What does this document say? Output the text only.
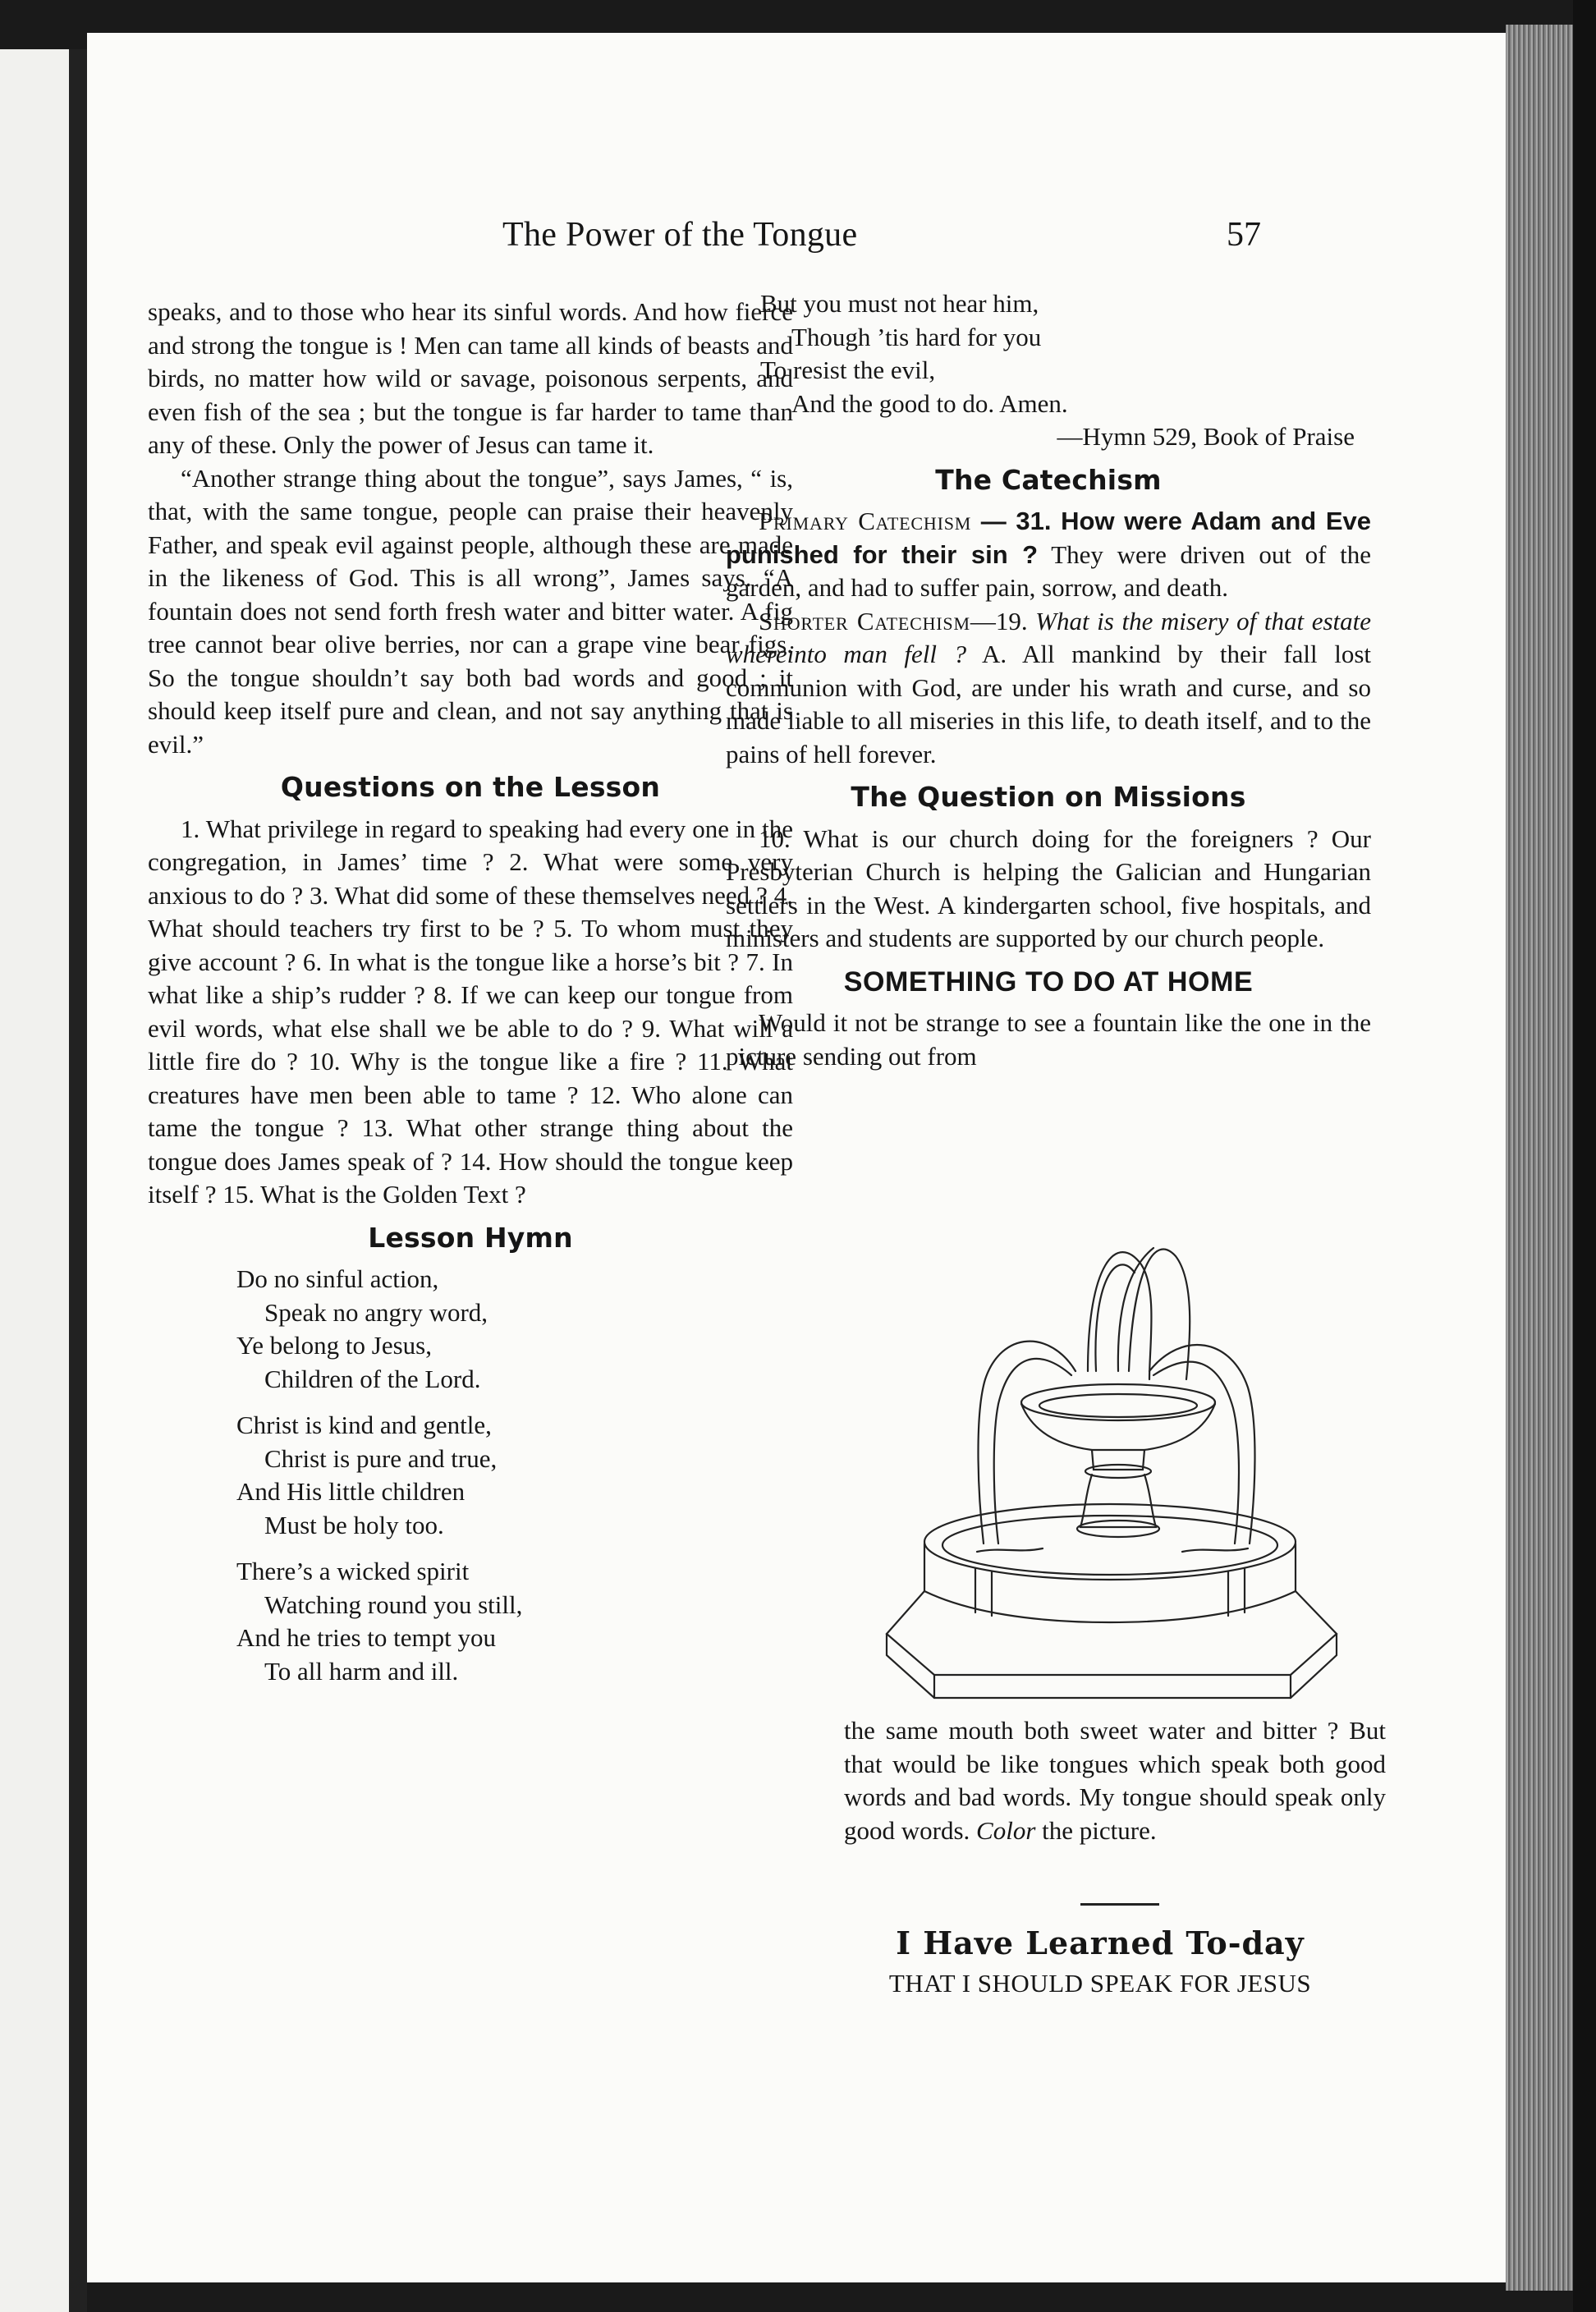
The Power of the Tongue	57

speaks, and to those who hear its sinful words. And how fierce and strong the tongue is ! Men can tame all kinds of beasts and birds, no matter how wild or savage, poisonous serpents, and even fish of the sea ; but the tongue is far harder to tame than any of these. Only the power of Jesus can tame it.

“Another strange thing about the tongue”, says James, “ is, that, with the same tongue, people can praise their heavenly Father, and speak evil against people, although these are made in the likeness of God. This is all wrong”, James says. “A fountain does not send forth fresh water and bitter water. A fig tree cannot bear olive berries, nor can a grape vine bear figs. So the tongue shouldn’t say both bad words and good ; it should keep itself pure and clean, and not say anything that is evil.”

Questions on the Lesson

1. What privilege in regard to speaking had every one in the congregation, in James’ time ? 2. What were some very anxious to do ? 3. What did some of these themselves need ? 4. What should teachers try first to be ? 5. To whom must they give account ? 6. In what is the tongue like a horse’s bit ? 7. In what like a ship’s rudder ? 8. If we can keep our tongue from evil words, what else shall we be able to do ? 9. What will a little fire do ? 10. Why is the tongue like a fire ? 11. What creatures have men been able to tame ? 12. Who alone can tame the tongue ? 13. What other strange thing about the tongue does James speak of ? 14. How should the tongue keep itself ? 15. What is the Golden Text ?

Lesson Hymn
Do no sinful action,
Speak no angry word,
Ye belong to Jesus,
Children of the Lord.
Christ is kind and gentle,
Christ is pure and true,
And His little children
Must be holy too.
There’s a wicked spirit
Watching round you still,
And he tries to tempt you
To all harm and ill.
But you must not hear him,
Though ’tis hard for you
To resist the evil,
And the good to do. Amen.
—Hymn 529, Book of Praise
The Catechism

Primary Catechism — 31. How were Adam and Eve punished for their sin ? They were driven out of the garden, and had to suffer pain, sorrow, and death.

Shorter Catechism—19. What is the misery of that estate whereinto man fell ? A. All mankind by their fall lost communion with God, are under his wrath and curse, and so made liable to all miseries in this life, to death itself, and to the pains of hell forever.

The Question on Missions

10. What is our church doing for the foreigners ? Our Presbyterian Church is helping the Galician and Hungarian settlers in the West. A kindergarten school, five hospitals, and ministers and students are supported by our church people.

SOMETHING TO DO AT HOME

Would it not be strange to see a fountain like the one in the picture sending out from

the same mouth both sweet water and bitter ? But that would be like tongues which speak both good words and bad words. My tongue should speak only good words. Color the picture.

I Have Learned To-day
THAT I SHOULD SPEAK FOR JESUS
